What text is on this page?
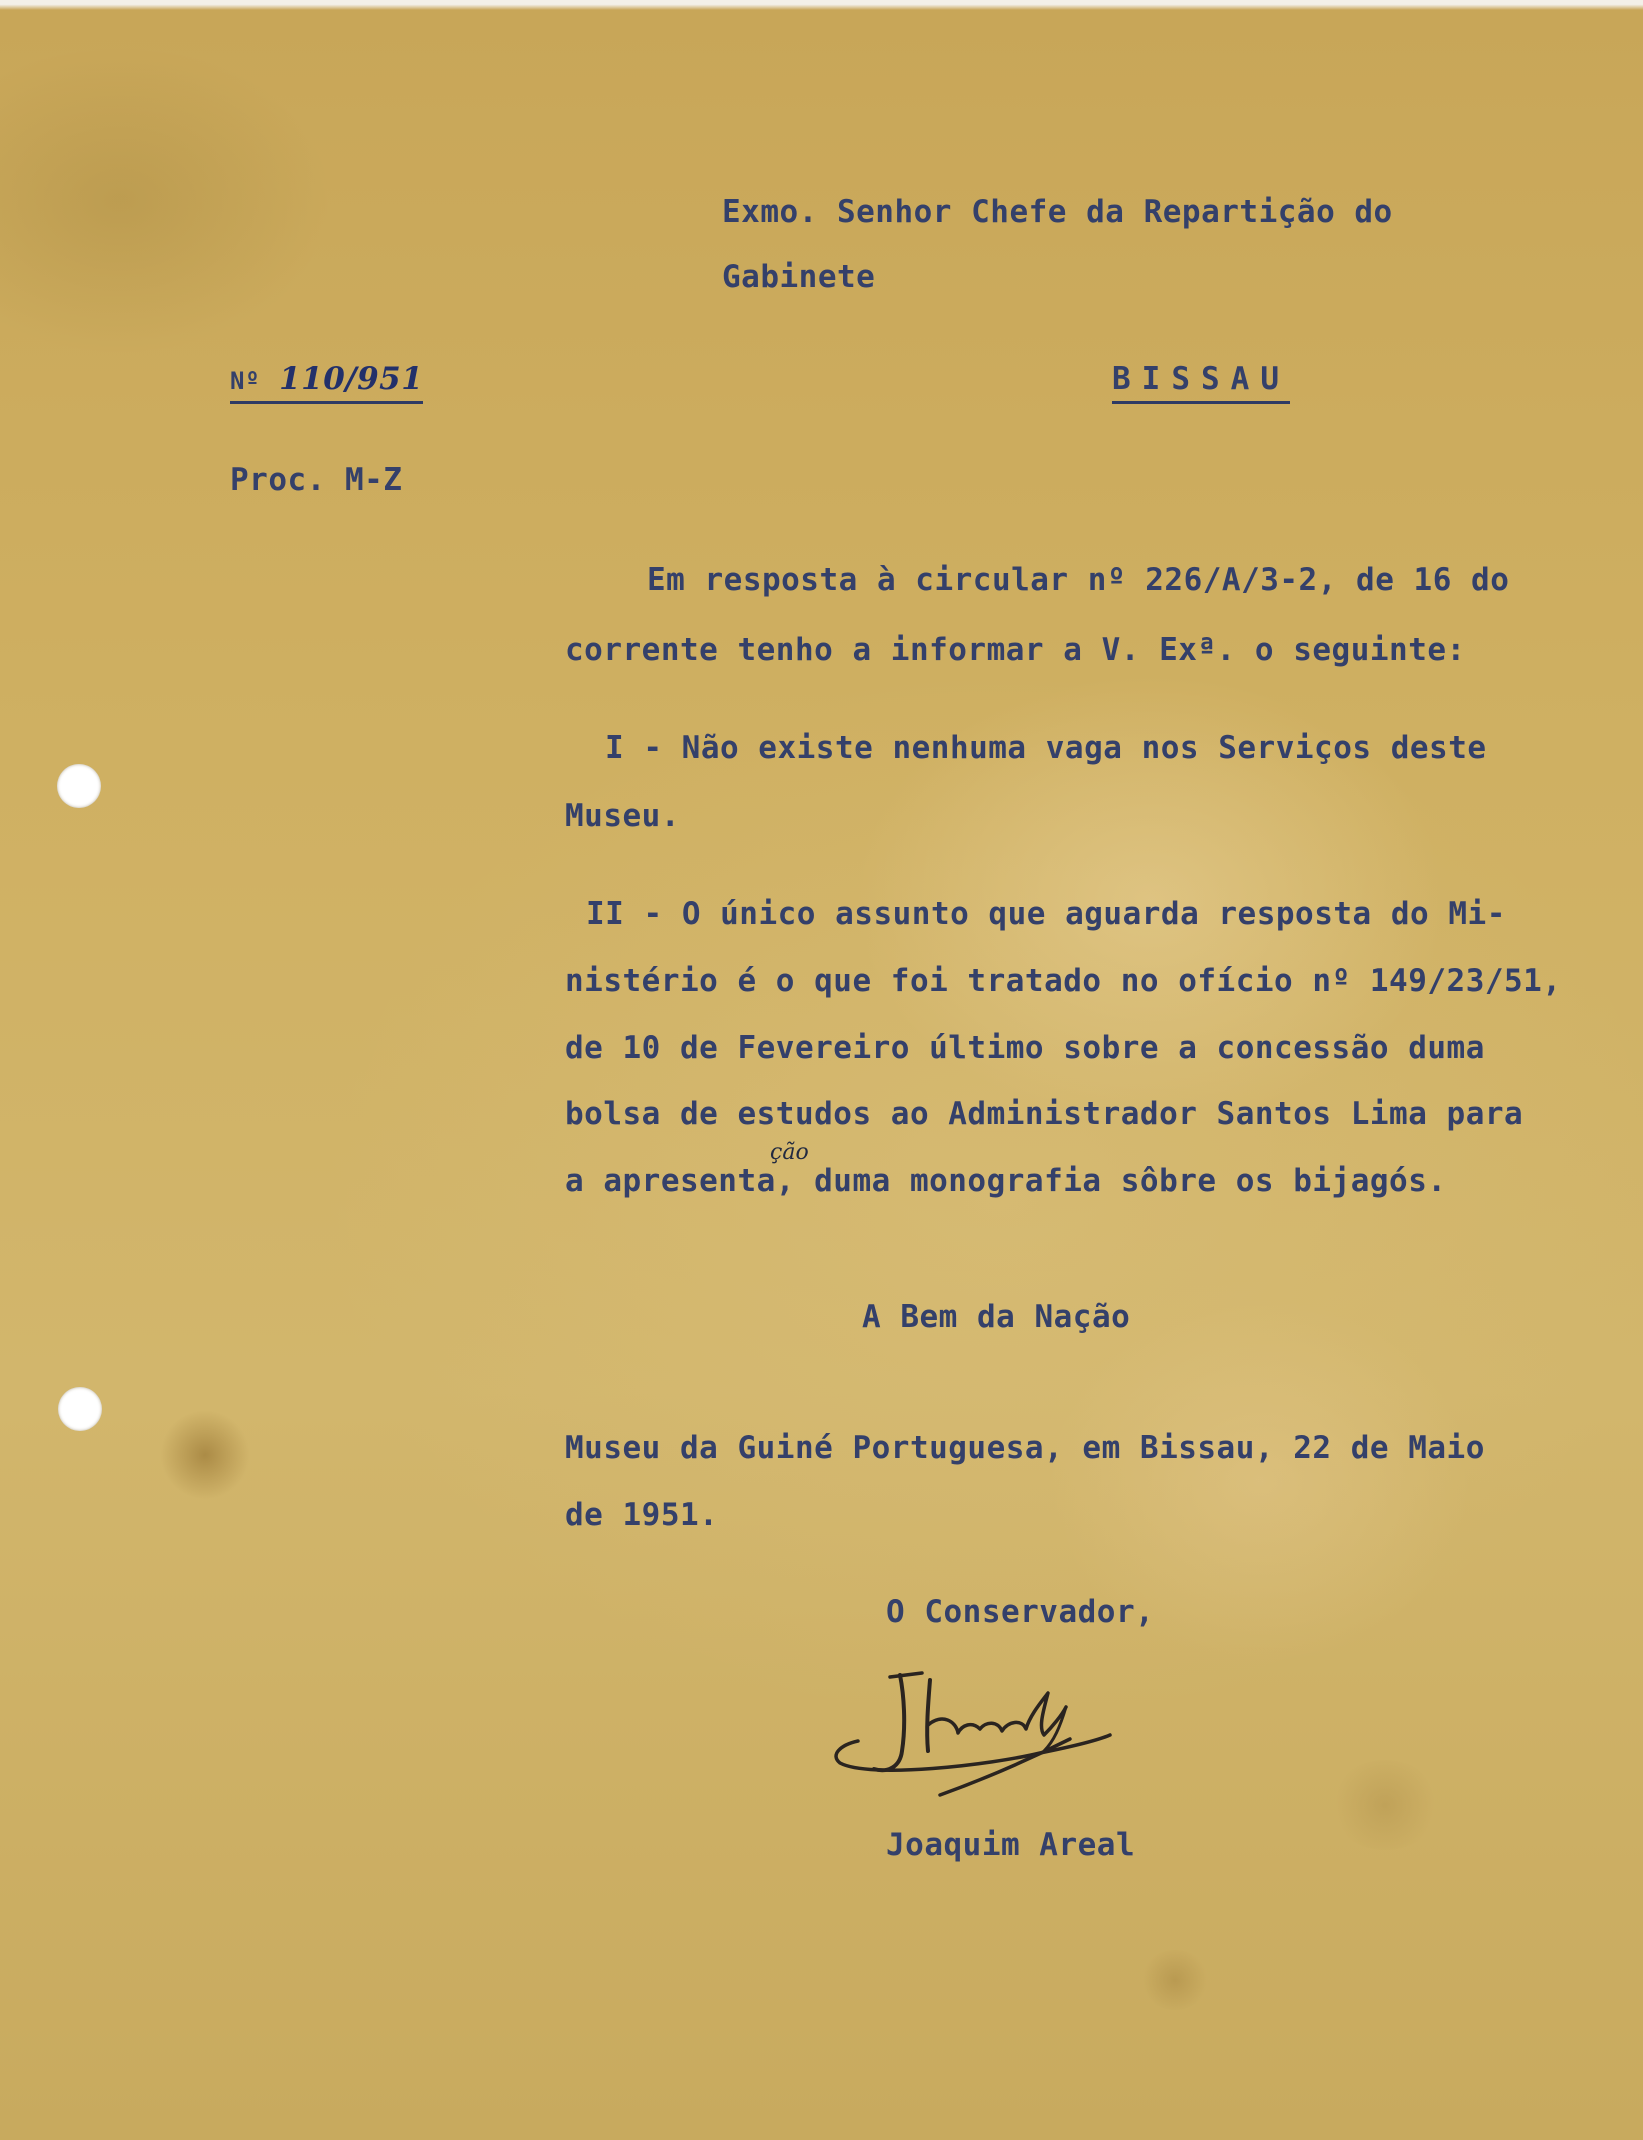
Exmo. Senhor Chefe da Repartição do

Gabinete

Nº 110/951	BISSAU

Proc. M-Z

Em resposta à circular nº 226/A/3-2, de 16 do

corrente tenho a informar a V. Exª. o seguinte:

I - Não existe nenhuma vaga nos Serviços deste

Museu.

II - O único assunto que aguarda resposta do Mi-

nistério é o que foi tratado no ofício nº 149/23/51,

de 10 de Fevereiro último sobre a concessão duma

bolsa de estudos ao Administrador Santos Lima para

a apresenta, duma monografia sôbre os bijagós.

ção

A Bem da Nação

Museu da Guiné Portuguesa, em Bissau, 22 de Maio

de 1951.

O Conservador,

Joaquim Areal
